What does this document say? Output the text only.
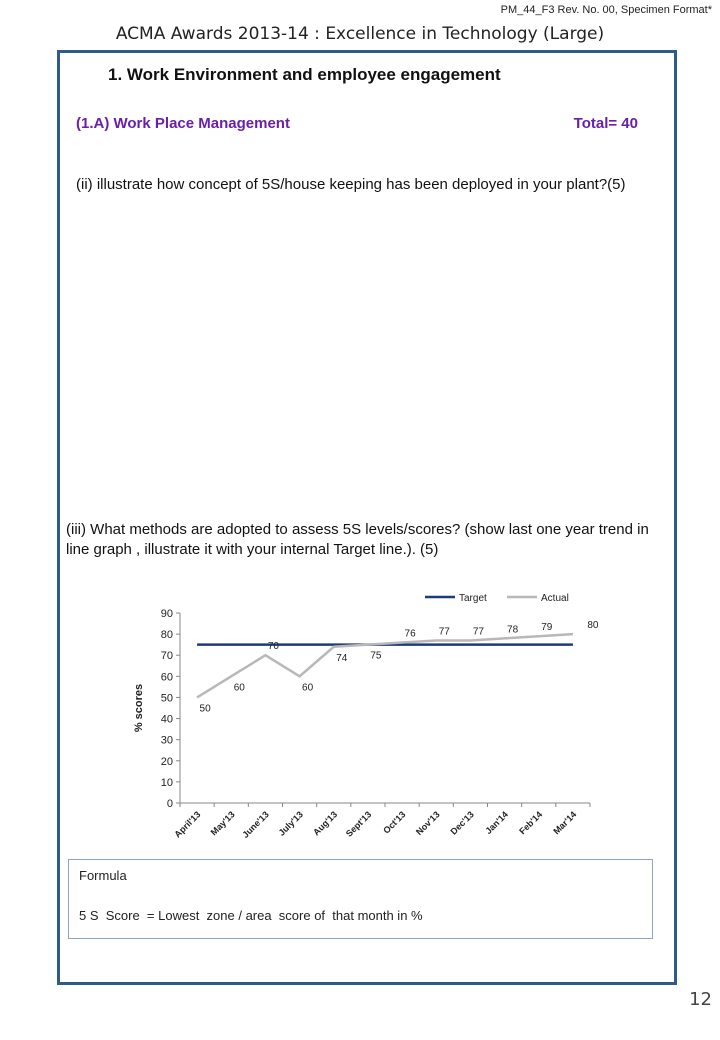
PM_44_F3 Rev. No. 00, Specimen Format*
ACMA Awards 2013-14 : Excellence in Technology (Large)
1. Work Environment and employee engagement
(1.A) Work Place Management	Total= 40
(ii) illustrate how concept of 5S/house keeping has been deployed in your plant?(5)
(iii) What methods are adopted to assess 5S levels/scores? (show last one year trend in line graph , illustrate it with your internal Target line.). (5)
0
10
20
30
40
50
60
70
80
90
April'13 May'13 June'13 July'13 Aug'13 Sept'13 Oct'13 Nov'13 Dec'13 Jan'14 Feb'14 Mar'14
% scores	50
60
70
60
74 75
76 77 77 78 79	80
Target	Actual
Formula
5 S  Score  = Lowest  zone / area  score of  that month in %
12
